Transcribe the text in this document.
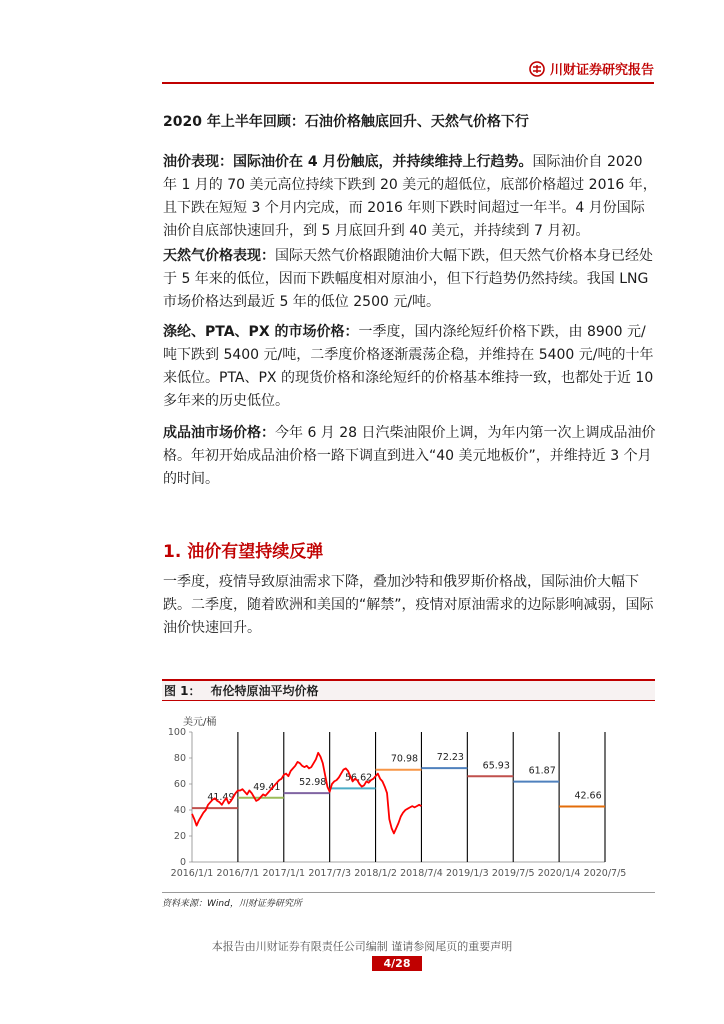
川财证券研究报告

2020 年上半年回顾：石油价格触底回升、天然气价格下行

油价表现：国际油价在 4 月份触底，并持续维持上行趋势。国际油价自 2020 年 1 月的 70 美元高位持续下跌到 20 美元的超低位，底部价格超过 2016 年，且下跌在短短 3 个月内完成，而 2016 年则下跌时间超过一年半。4 月份国际油价自底部快速回升，到 5 月底回升到 40 美元，并持续到 7 月初。

天然气价格表现：国际天然气价格跟随油价大幅下跌，但天然气价格本身已经处于 5 年来的低位，因而下跌幅度相对原油小，但下行趋势仍然持续。我国 LNG 市场价格达到最近 5 年的低位 2500 元/吨。

涤纶、PTA、PX 的市场价格：一季度，国内涤纶短纤价格下跌，由 8900 元/吨下跌到 5400 元/吨，二季度价格逐渐震荡企稳，并维持在 5400 元/吨的十年来低位。PTA、PX 的现货价格和涤纶短纤的价格基本维持一致，也都处于近 10 多年来的历史低位。

成品油市场价格：今年 6 月 28 日汽柴油限价上调，为年内第一次上调成品油价格。年初开始成品油价格一路下调直到进入“40 美元地板价”，并维持近 3 个月的时间。

1. 油价有望持续反弹

一季度，疫情导致原油需求下降，叠加沙特和俄罗斯价格战，国际油价大幅下跌。二季度，随着欧洲和美国的“解禁”，疫情对原油需求的边际影响减弱，国际油价快速回升。

图 1： 布伦特原油平均价格
美元/桶
0
20
40
60
80
100
2016/1/1 2016/7/1 2017/1/1 2017/7/3 2018/1/2 2018/7/4 2019/1/3 2019/7/5 2020/1/4 2020/7/5
41.49
49.41 52.98 56.62
70.98 72.23
65.93 61.87
42.66
资料来源：Wind，川财证券研究所
本报告由川财证券有限责任公司编制 谨请参阅尾页的重要声明
4/28
